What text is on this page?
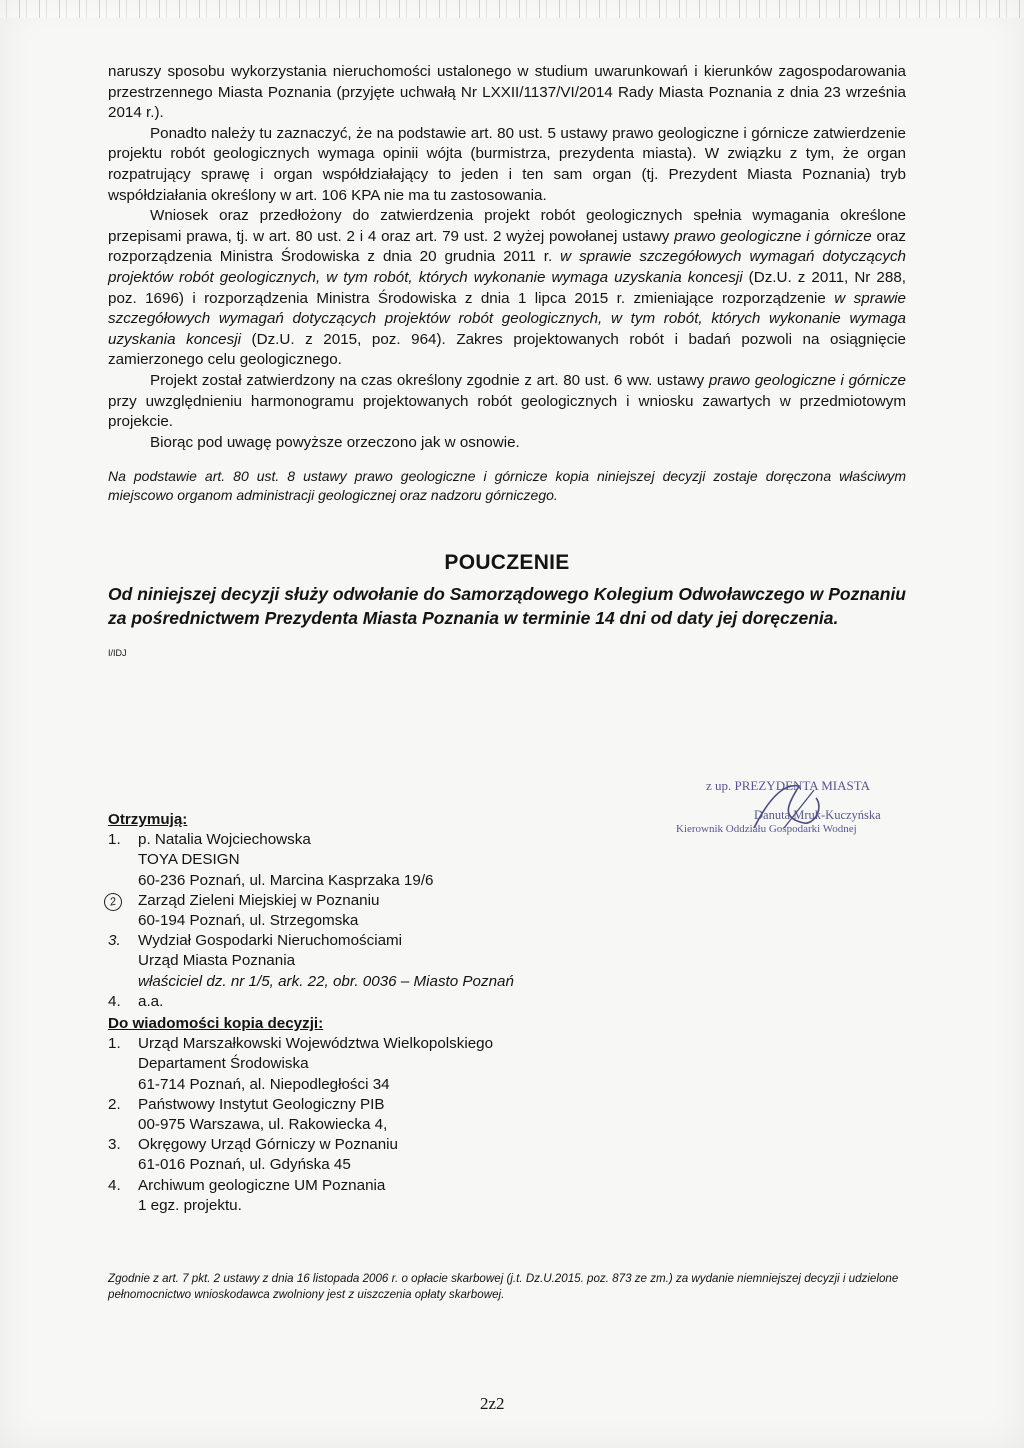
naruszy sposobu wykorzystania nieruchomości ustalonego w studium uwarunkowań i kierunków zagospodarowania przestrzennego Miasta Poznania (przyjęte uchwałą Nr LXXII/1137/VI/2014 Rady Miasta Poznania z dnia 23 września 2014 r.).

Ponadto należy tu zaznaczyć, że na podstawie art. 80 ust. 5 ustawy prawo geologiczne i górnicze zatwierdzenie projektu robót geologicznych wymaga opinii wójta (burmistrza, prezydenta miasta). W związku z tym, że organ rozpatrujący sprawę i organ współdziałający to jeden i ten sam organ (tj. Prezydent Miasta Poznania) tryb współdziałania określony w art. 106 KPA nie ma tu zastosowania.

Wniosek oraz przedłożony do zatwierdzenia projekt robót geologicznych spełnia wymagania określone przepisami prawa, tj. w art. 80 ust. 2 i 4 oraz art. 79 ust. 2 wyżej powołanej ustawy prawo geologiczne i górnicze oraz rozporządzenia Ministra Środowiska z dnia 20 grudnia 2011 r. w sprawie szczegółowych wymagań dotyczących projektów robót geologicznych, w tym robót, których wykonanie wymaga uzyskania koncesji (Dz.U. z 2011, Nr 288, poz. 1696) i rozporządzenia Ministra Środowiska z dnia 1 lipca 2015 r. zmieniające rozporządzenie w sprawie szczegółowych wymagań dotyczących projektów robót geologicznych, w tym robót, których wykonanie wymaga uzyskania koncesji (Dz.U. z 2015, poz. 964). Zakres projektowanych robót i badań pozwoli na osiągnięcie zamierzonego celu geologicznego.

Projekt został zatwierdzony na czas określony zgodnie z art. 80 ust. 6 ww. ustawy prawo geologiczne i górnicze przy uwzględnieniu harmonogramu projektowanych robót geologicznych i wniosku zawartych w przedmiotowym projekcie.

Biorąc pod uwagę powyższe orzeczono jak w osnowie.

Na podstawie art. 80 ust. 8 ustawy prawo geologiczne i górnicze kopia niniejszej decyzji zostaje doręczona właściwym miejscowo organom administracji geologicznej oraz nadzoru górniczego.

POUCZENIE

Od niniejszej decyzji służy odwołanie do Samorządowego Kolegium Odwoławczego w Poznaniu za pośrednictwem Prezydenta Miasta Poznania w terminie 14 dni od daty jej doręczenia.

I/IDJ
z up. PREZYDENTA MIASTA
Danuta Mruk-Kuczyńska
Kierownik Oddziału Gospodarki Wodnej
Otrzymują:
1.	p. Natalia Wojciechowska
TOYA DESIGN
60-236 Poznań, ul. Marcina Kasprzaka 19/6
2	Zarząd Zieleni Miejskiej w Poznaniu
60-194 Poznań, ul. Strzegomska
3.	Wydział Gospodarki Nieruchomościami
Urząd Miasta Poznania
właściciel dz. nr 1/5, ark. 22, obr. 0036 – Miasto Poznań
4.	a.a.
Do wiadomości kopia decyzji:
1.	Urząd Marszałkowski Województwa Wielkopolskiego
Departament Środowiska
61-714 Poznań, al. Niepodległości 34
2.	Państwowy Instytut Geologiczny PIB
00-975 Warszawa, ul. Rakowiecka 4,
3.	Okręgowy Urząd Górniczy w Poznaniu
61-016 Poznań, ul. Gdyńska 45
4.	Archiwum geologiczne UM Poznania
1 egz. projektu.
Zgodnie z art. 7 pkt. 2 ustawy z dnia 16 listopada 2006 r. o opłacie skarbowej (j.t. Dz.U.2015. poz. 873 ze zm.) za wydanie niemniejszej decyzji i udzielone pełnomocnictwo wnioskodawca zwolniony jest z uiszczenia opłaty skarbowej.
2z2
